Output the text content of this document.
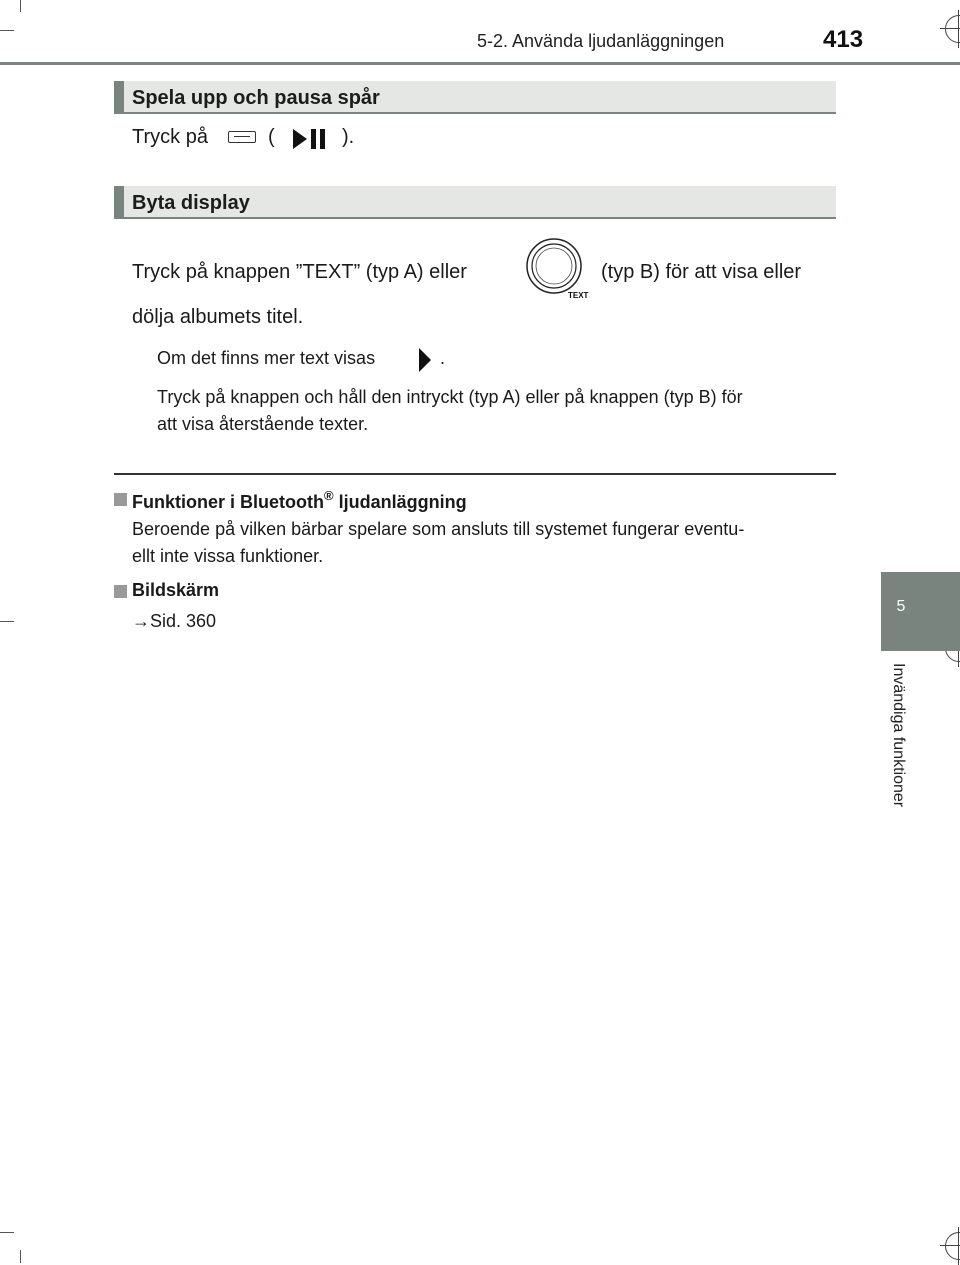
5-2. Använda ljudanläggningen	413
5
Invändiga funktioner
Spela upp och pausa spår
Tryck på	(	).
Byta display
Tryck på knappen ”TEXT” (typ A) eller
TEXT
(typ B) för att visa eller
dölja albumets titel.
Om det finns mer text visas	.
Tryck på knappen och håll den intryckt (typ A) eller på knappen (typ B) för
att visa återstående texter.
Funktioner i Bluetooth® ljudanläggning
Beroende på vilken bärbar spelare som ansluts till systemet fungerar eventu-
ellt inte vissa funktioner.
Bildskärm
→Sid. 360
